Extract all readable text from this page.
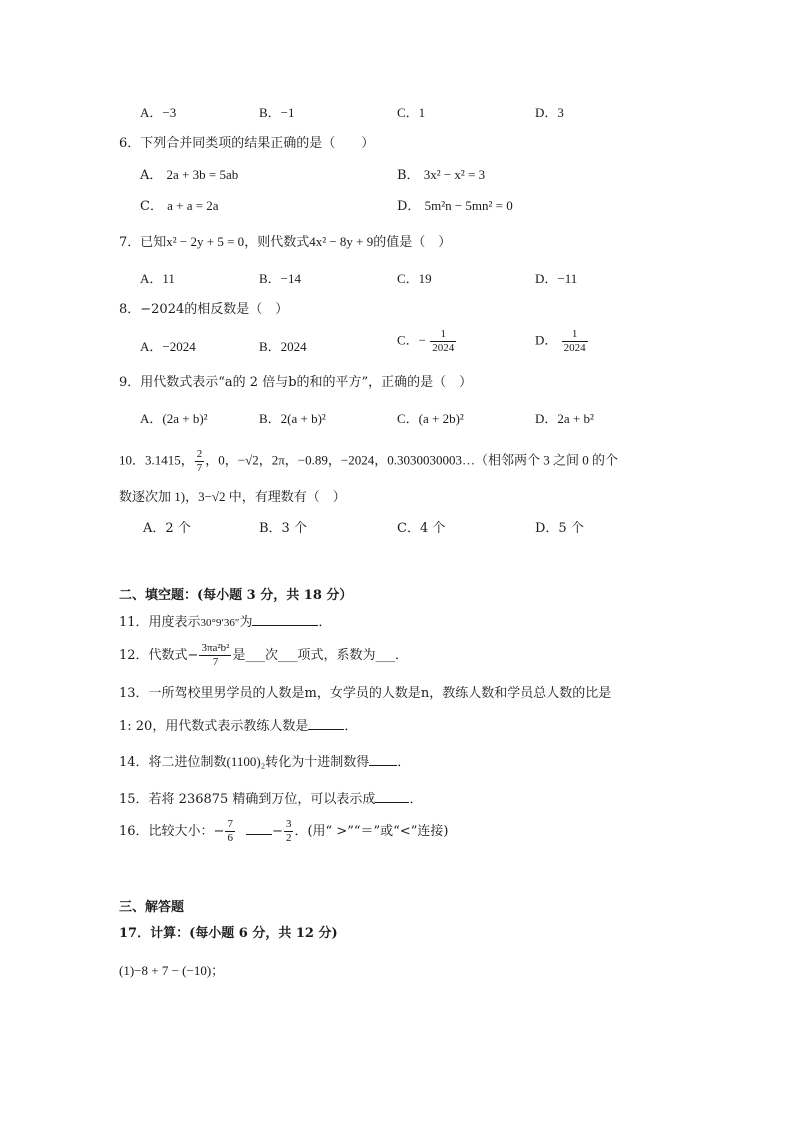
A．−3	B．−1	C．1	D．3
6．下列合并同类项的结果正确的是（　　）
A． 2a + 3b = 5ab	B． 3x² − x² = 3
C． a + a = 2a	D． 5m²n − 5mn² = 0
7．已知x² − 2y + 5 = 0，则代数式4x² − 8y + 9的值是（　）
A．11	B．−14	C．19	D．−11
8．−2024的相反数是（　）
A．−2024	B．2024	C．− $\frac{1}{2024}$	D． $\frac{1}{2024}$
9．用代数式表示“a的 2 倍与b的和的平方”，正确的是（　）
A．(2a + b)²	B．2(a + b)²	C．(a + 2b)²	D．2a + b²
10．3.1415， $\frac{2}{7}$ ，0，−√2，2π，−0.89，−2024，0.3030030003…（相邻两个 3 之间 0 的个
数逐次加 1)，3−√2 中，有理数有（　）
A．2 个	B．3 个	C．4 个	D．5 个
二、填空题：(每小题 3 分，共 18 分）
11．用度表示30°9′36″为	．
12．代数式− $\frac{\text{3πa²b²}}{7}$ 是___次___项式，系数为___．
13．一所驾校里男学员的人数是m，女学员的人数是n，教练人数和学员总人数的比是
1: 20，用代数式表示教练人数是	．
14．将二进位制数(1100)₂转化为十进制数得 ．
15．若将 236875 精确到万位，可以表示成	．
16．比较大小：− $\frac{7}{6}$	− $\frac{3}{2}$ ．(用“ >”“＝”或“<”连接)
三、解答题
17．计算：(每小题 6 分，共 12 分)
(1)−8 + 7 − (−10)；
